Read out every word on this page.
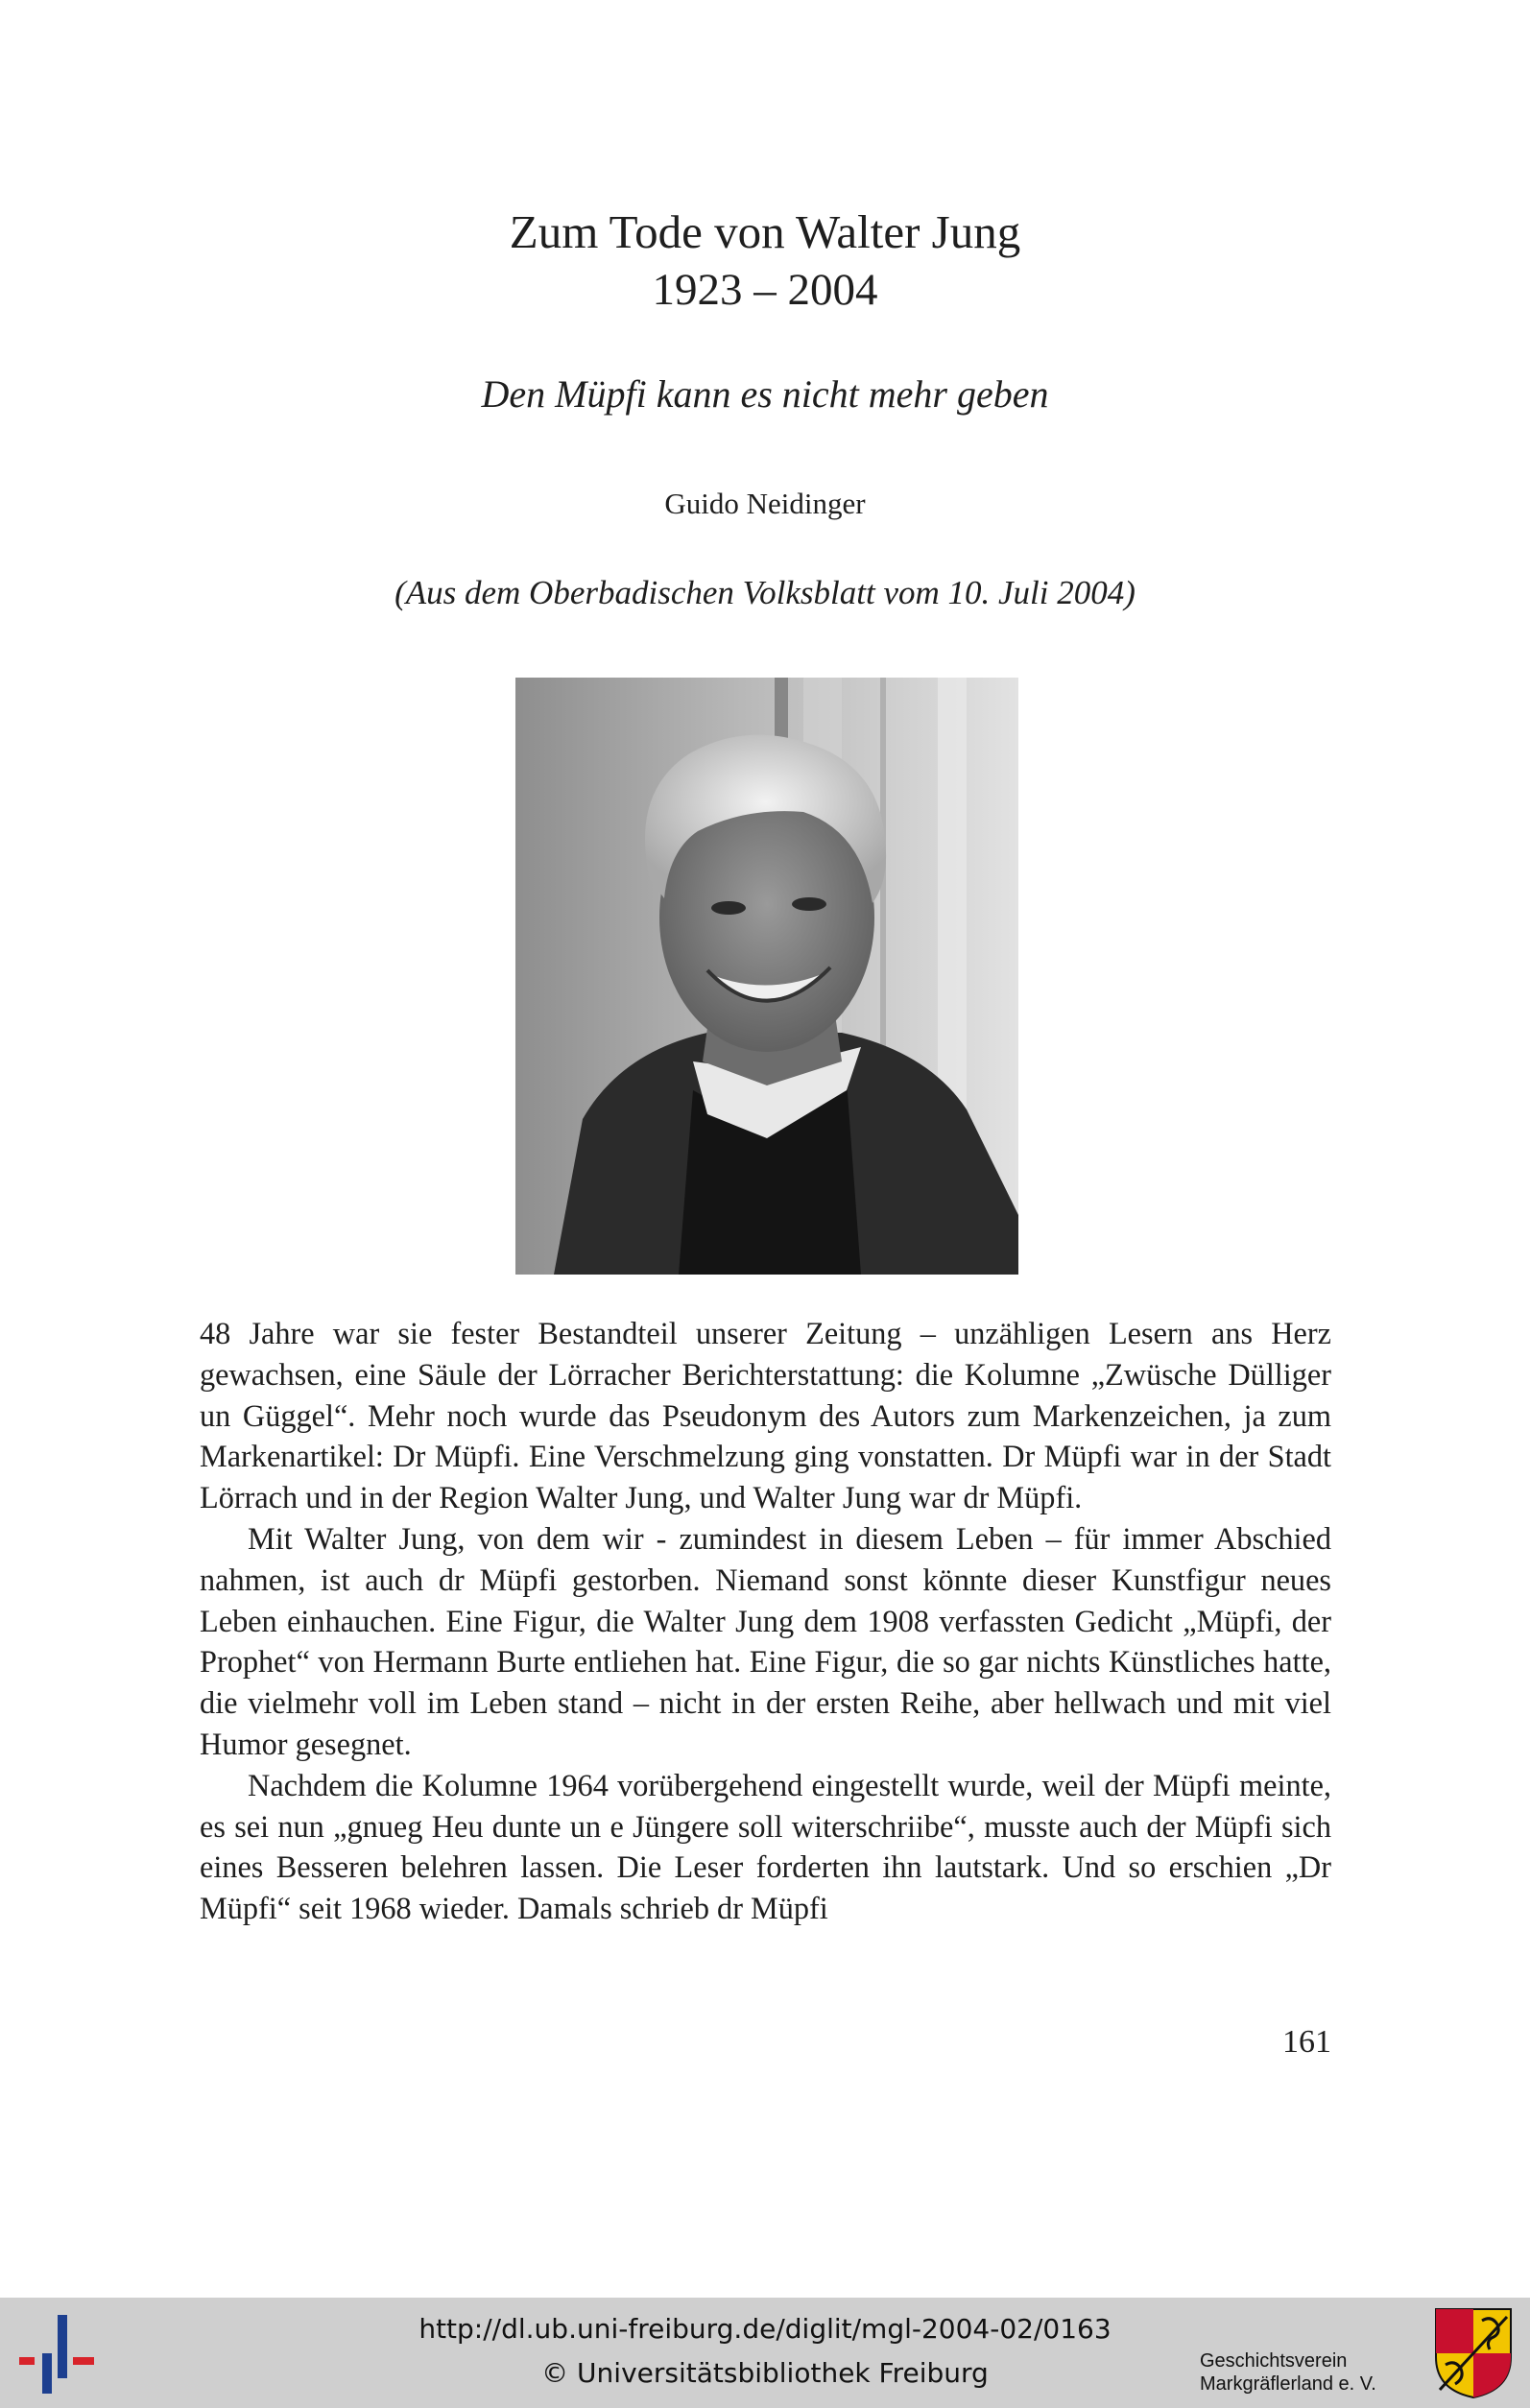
Zum Tode von Walter Jung
1923 – 2004
Den Müpfi kann es nicht mehr geben
Guido Neidinger
(Aus dem Oberbadischen Volksblatt vom 10. Juli 2004)

48 Jahre war sie fester Bestandteil unserer Zeitung – unzähligen Lesern ans Herz gewachsen, eine Säule der Lörracher Berichterstattung: die Kolumne „Zwüsche Dülliger un Güggel“. Mehr noch wurde das Pseudonym des Autors zum Markenzeichen, ja zum Markenartikel: Dr Müpfi. Eine Verschmelzung ging vonstatten. Dr Müpfi war in der Stadt Lörrach und in der Region Walter Jung, und Walter Jung war dr Müpfi.

Mit Walter Jung, von dem wir - zumindest in diesem Leben – für immer Abschied nahmen, ist auch dr Müpfi gestorben. Niemand sonst könnte dieser Kunstfigur neues Leben einhauchen. Eine Figur, die Walter Jung dem 1908 verfassten Gedicht „Müpfi, der Prophet“ von Hermann Burte entliehen hat. Eine Figur, die so gar nichts Künstliches hatte, die vielmehr voll im Leben stand – nicht in der ersten Reihe, aber hellwach und mit viel Humor gesegnet.

Nachdem die Kolumne 1964 vorübergehend eingestellt wurde, weil der Müpfi meinte, es sei nun „gnueg Heu dunte un e Jüngere soll witerschriibe“, musste auch der Müpfi sich eines Besseren belehren lassen. Die Leser forderten ihn lautstark. Und so erschien „Dr Müpfi“ seit 1968 wieder. Damals schrieb dr Müpfi

161
http://dl.ub.uni-freiburg.de/diglit/mgl-2004-02/0163
© Universitätsbibliothek Freiburg	Geschichtsverein
Markgräflerland e. V.
